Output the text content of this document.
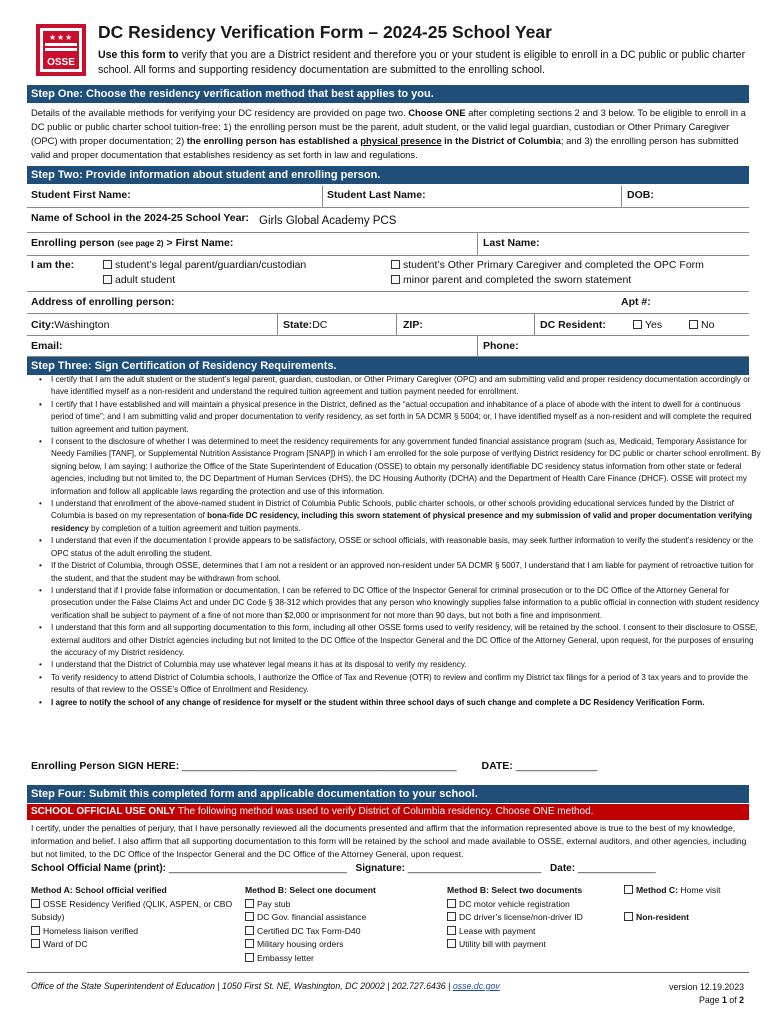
★ ★ ★
OSSE
DC Residency Verification Form – 2024-25 School Year
Use this form to verify that you are a District resident and therefore you or your student is eligible to enroll in a DC public or public charter school. All forms and supporting residency documentation are submitted to the enrolling school.
Step One: Choose the residency verification method that best applies to you.
Details of the available methods for verifying your DC residency are provided on page two. Choose ONE after completing sections 2 and 3 below. To be eligible to enroll in a DC public or public charter school tuition-free: 1) the enrolling person must be the parent, adult student, or the valid legal guardian, custodian or Other Primary Caregiver (OPC) with proper documentation; 2) the enrolling person has established a physical presence in the District of Columbia; and 3) the enrolling person has submitted valid and proper documentation that establishes residency as set forth in law and regulations.
Step Two: Provide information about student and enrolling person.
Student First Name:	Student Last Name:	DOB:
Name of School in the 2024-25 School Year: Girls Global Academy PCS
Enrolling person (see page 2) > First Name:	Last Name:
I am the:	student’s legal parent/guardian/custodian
adult student
student’s Other Primary Caregiver and completed the OPC Form
minor parent and completed the sworn statement
Address of enrolling person:	Apt #:
City:Washington	State:DC	ZIP:	DC Resident:	Yes	No
Email:	Phone:
Step Three: Sign Certification of Residency Requirements.
• I certify that I am the adult student or the student’s legal parent, guardian, custodian, or Other Primary Caregiver (OPC) and am submitting valid and proper residency documentation accordingly or have identified myself as a non-resident and understand the required tuition agreement and tuition payment needed for enrollment.
• I certify that I have established and will maintain a physical presence in the District, defined as the “actual occupation and inhabitance of a place of abode with the intent to dwell for a continuous period of time”; and I am submitting valid and proper documentation to verify residency, as set forth in 5A DCMR § 5004; or, I have identified myself as a non-resident and will complete the required tuition agreement and tuition payment.
• I consent to the disclosure of whether I was determined to meet the residency requirements for any government funded financial assistance program (such as, Medicaid, Temporary Assistance for Needy Families [TANF], or Supplemental Nutrition Assistance Program [SNAP]) in which I am enrolled for the sole purpose of verifying District residency for DC public or charter school enrollment. By signing below, I am saying: I authorize the Office of the State Superintendent of Education (OSSE) to obtain my personally identifiable DC residency status information from other state or federal agencies, including but not limited to, the DC Department of Human Services (DHS), the DC Housing Authority (DCHA) and the Department of Health Care Finance (DHCF). OSSE will protect my information and follow all applicable laws regarding the protection and use of this information.
• I understand that enrollment of the above-named student in District of Columbia Public Schools, public charter schools, or other schools providing educational services funded by the District of Columbia is based on my representation of bona-fide DC residency, including this sworn statement of physical presence and my submission of valid and proper documentation verifying residency by completion of a tuition agreement and tuition payments.
• I understand that even if the documentation I provide appears to be satisfactory, OSSE or school officials, with reasonable basis, may seek further information to verify the student’s residency or the OPC status of the adult enrolling the student.
• If the District of Columbia, through OSSE, determines that I am not a resident or an approved non-resident under 5A DCMR § 5007, I understand that I am liable for payment of retroactive tuition for the student, and that the student may be withdrawn from school.
• I understand that if I provide false information or documentation, I can be referred to DC Office of the Inspector General for criminal prosecution or to the DC Office of the Attorney General for prosecution under the False Claims Act and under DC Code § 38-312 which provides that any person who knowingly supplies false information to a public official in connection with student residency verification shall be subject to payment of a fine of not more than $2,000 or imprisonment for not more than 90 days, but not both a fine and imprisonment.
• I understand that this form and all supporting documentation to this form, including all other OSSE forms used to verify residency, will be retained by the school. I consent to their disclosure to OSSE, external auditors and other District agencies including but not limited to the DC Office of the Inspector General and the DC Office of the Attorney General, upon request, for the purposes of ensuring the accuracy of my District residency.
• I understand that the District of Columbia may use whatever legal means it has at its disposal to verify my residency.
• To verify residency to attend District of Columbia schools, I authorize the Office of Tax and Revenue (OTR) to review and confirm my District tax filings for a period of 3 tax years and to provide the results of that review to the OSSE’s Office of Enrollment and Residency.
• I agree to notify the school of any change of residence for myself or the student within three school days of such change and complete a DC Residency Verification Form.
Enrolling Person SIGN HERE: _______________________________________________ DATE: ______________
Step Four: Submit this completed form and applicable documentation to your school.
SCHOOL OFFICIAL USE ONLY The following method was used to verify District of Columbia residency. Choose ONE method.
I certify, under the penalties of perjury, that I have personally reviewed all the documents presented and affirm that the information represented above is true to the best of my knowledge, information and belief. I also affirm that all supporting documentation to this form will be retained by the school and made available to OSSE, external auditors, and other agencies, including but not limited, to the DC Office of the Inspector General and the DC Office of the Attorney General, upon request.
School Official Name (print): ________________________________ Signature: ________________________ Date: ______________
Method A: School official verified
OSSE Residency Verified (QLIK, ASPEN, or CBO Subsidy)
Homeless liaison verified
Ward of DC
Method B: Select one document
Pay stub
DC Gov. financial assistance
Certified DC Tax Form-D40
Military housing orders
Embassy letter
Method B: Select two documents
DC motor vehicle registration
DC driver’s license/non-driver ID
Lease with payment
Utility bill with payment
Method C: Home visit
Non-resident
Office of the State Superintendent of Education | 1050 First St. NE, Washington, DC 20002 | 202.727.6436 | osse.dc.gov	version 12.19.2023
Page 1 of 2
